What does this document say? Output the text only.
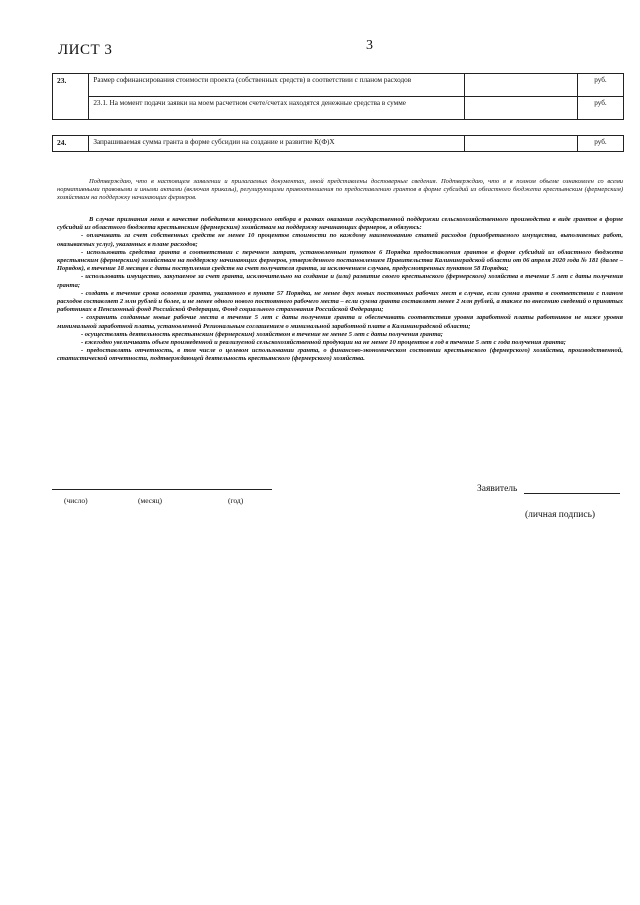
ЛИСТ 3	3
23.	Размер софинансирования стоимости проекта (собственных средств) в соответствии с планом расходов		руб.
	23.1. На момент подачи заявки на моем расчетном счете/счетах находятся денежные средства в сумме		руб.
24.	Запрашиваемая сумма гранта в форме субсидии на создание и развитие К(Ф)Х		руб.
Подтверждаю, что в настоящем заявлении и прилагаемых документах, мной представлены достоверные сведения. Подтверждаю, что я в полном объеме ознакомлен со всеми нормативными правовыми и иными актами (включая приказы), регулирующими правоотношения по предоставлению грантов в форме субсидий из областного бюджета крестьянским (фермерским) хозяйствам на поддержку начинающих фермеров.

В случае признания меня в качестве победителя конкурсного отбора в рамках оказания государственной поддержки сельскохозяйственного производства в виде грантов в форме субсидий из областного бюджета крестьянским (фермерским) хозяйствам на поддержку начинающих фермеров, я обязуюсь:

- оплачивать за счет собственных средств не менее 10 процентов стоимости по каждому наименованию статей расходов (приобретаемого имущества, выполняемых работ, оказываемых услуг), указанных в плане расходов;

- использовать средства гранта в соответствии с перечнем затрат, установленным пунктом 6 Порядка предоставления грантов в форме субсидий из областного бюджета крестьянским (фермерским) хозяйствам на поддержку начинающих фермеров, утвержденного постановлением Правительства Калининградской области от 06 апреля 2020 года № 181 (далее – Порядок), в течение 18 месяцев с даты поступления средств на счет получателя гранта, за исключением случаев, предусмотренных пунктом 58 Порядка;

- использовать имущество, закупаемое за счет гранта, исключительно на создание и (или) развитие своего крестьянского (фермерского) хозяйства в течение 5 лет с даты получения гранта;

- создать в течение срока освоения гранта, указанного в пункте 57 Порядка, не менее двух новых постоянных рабочих мест в случае, если сумма гранта в соответствии с планом расходов составляет 2 млн рублей и более, и не менее одного нового постоянного рабочего места – если сумма гранта составляет менее 2 млн рублей, а также по внесению сведений о принятых работниках в Пенсионный фонд Российской Федерации, Фонд социального страхования Российской Федерации;

- сохранить созданные новые рабочие места в течение 5 лет с даты получения гранта и обеспечивать соответствия уровня заработной платы работников не ниже уровня минимальной заработной платы, установленной Региональным соглашением о минимальной заработной плате в Калининградской области;

- осуществлять деятельность крестьянским (фермерским) хозяйством в течение не менее 5 лет с даты получения гранта;

- ежегодно увеличивать объем произведенной и реализуемой сельскохозяйственной продукции на не менее 10 процентов в год в течение 5 лет с года получения гранта;

- предоставлять отчетность, в том числе о целевом использовании гранта, о финансово-экономическом состоянии крестьянского (фермерского) хозяйства, производственной, статистической отчетности, подтверждающей деятельность крестьянского (фермерского) хозяйства.

(число)	(месяц)	(год)
Заявитель
(личная подпись)
